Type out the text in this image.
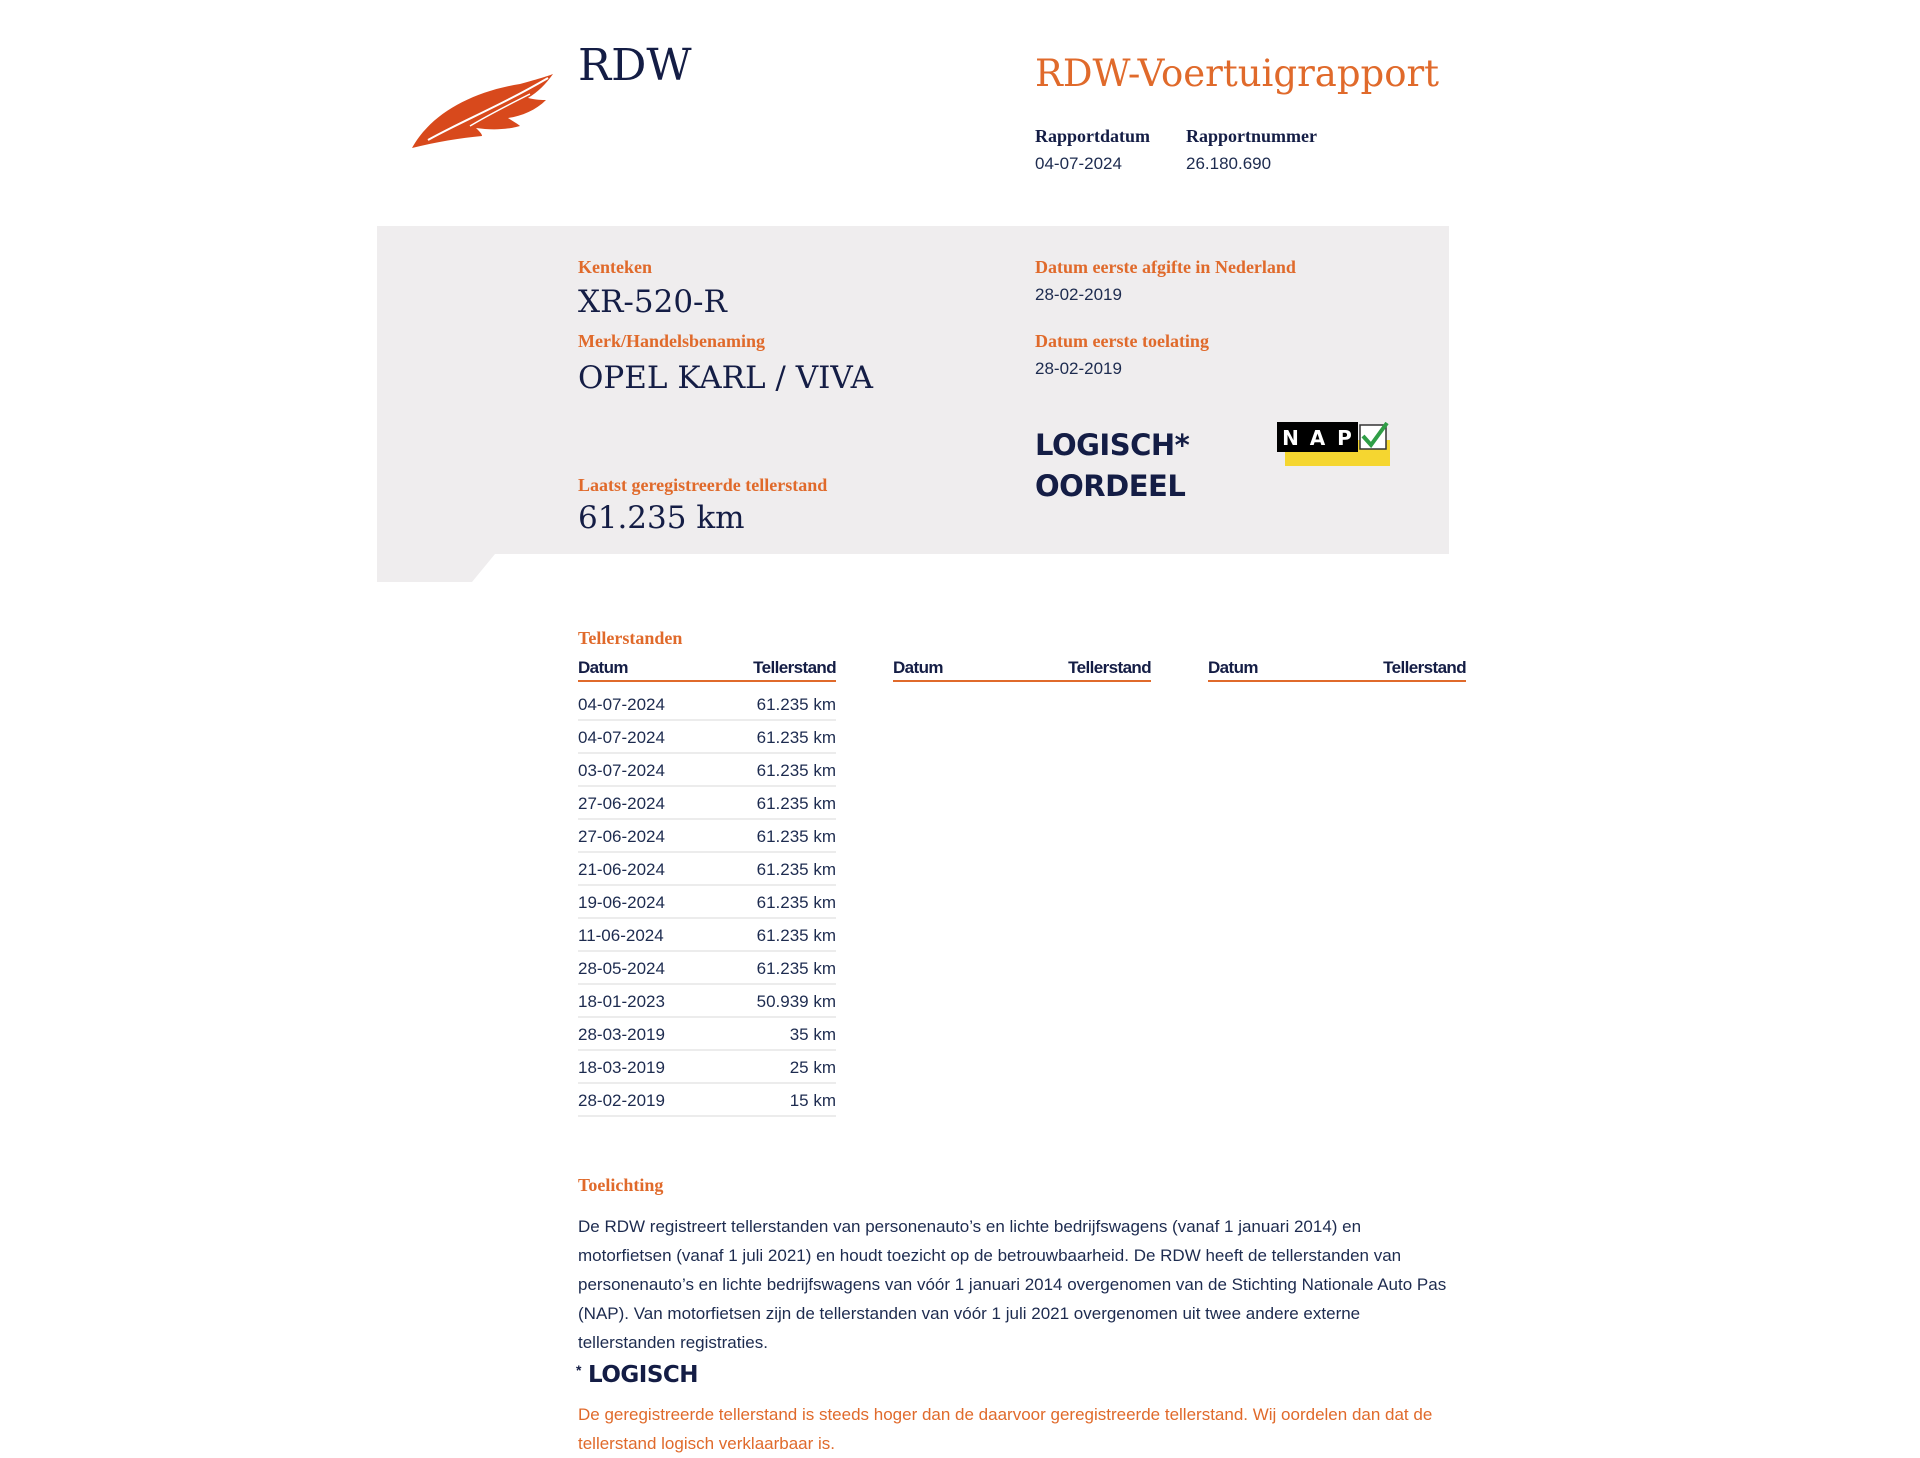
RDW	RDW-Voertuigrapport
Rapportdatum
04-07-2024
Rapportnummer
26.180.690
Kenteken
XR-520-R
Merk/Handelsbenaming
OPEL KARL / VIVA
Laatst geregistreerde tellerstand
61.235 km
Datum eerste afgifte in Nederland
28-02-2019
Datum eerste toelating
28-02-2019
LOGISCH*
OORDEEL
N A P
Tellerstanden
Datum	Tellerstand	Datum	Tellerstand	Datum	Tellerstand
04-07-2024	61.235 km
04-07-2024	61.235 km
03-07-2024	61.235 km
27-06-2024	61.235 km
27-06-2024	61.235 km
21-06-2024	61.235 km
19-06-2024	61.235 km
11-06-2024	61.235 km
28-05-2024	61.235 km
18-01-2023	50.939 km
28-03-2019	35 km
18-03-2019	25 km
28-02-2019	15 km
Toelichting
De RDW registreert tellerstanden van personenauto’s en lichte bedrijfswagens (vanaf 1 januari 2014) en motorfietsen (vanaf 1 juli 2021) en houdt toezicht op de betrouwbaarheid. De RDW heeft de tellerstanden van personenauto’s en lichte bedrijfswagens van vóór 1 januari 2014 overgenomen van de Stichting Nationale Auto Pas (NAP). Van motorfietsen zijn de tellerstanden van vóór 1 juli 2021 overgenomen uit twee andere externe tellerstanden registraties.
* LOGISCH
De geregistreerde tellerstand is steeds hoger dan de daarvoor geregistreerde tellerstand. Wij oordelen dan dat de tellerstand logisch verklaarbaar is.
